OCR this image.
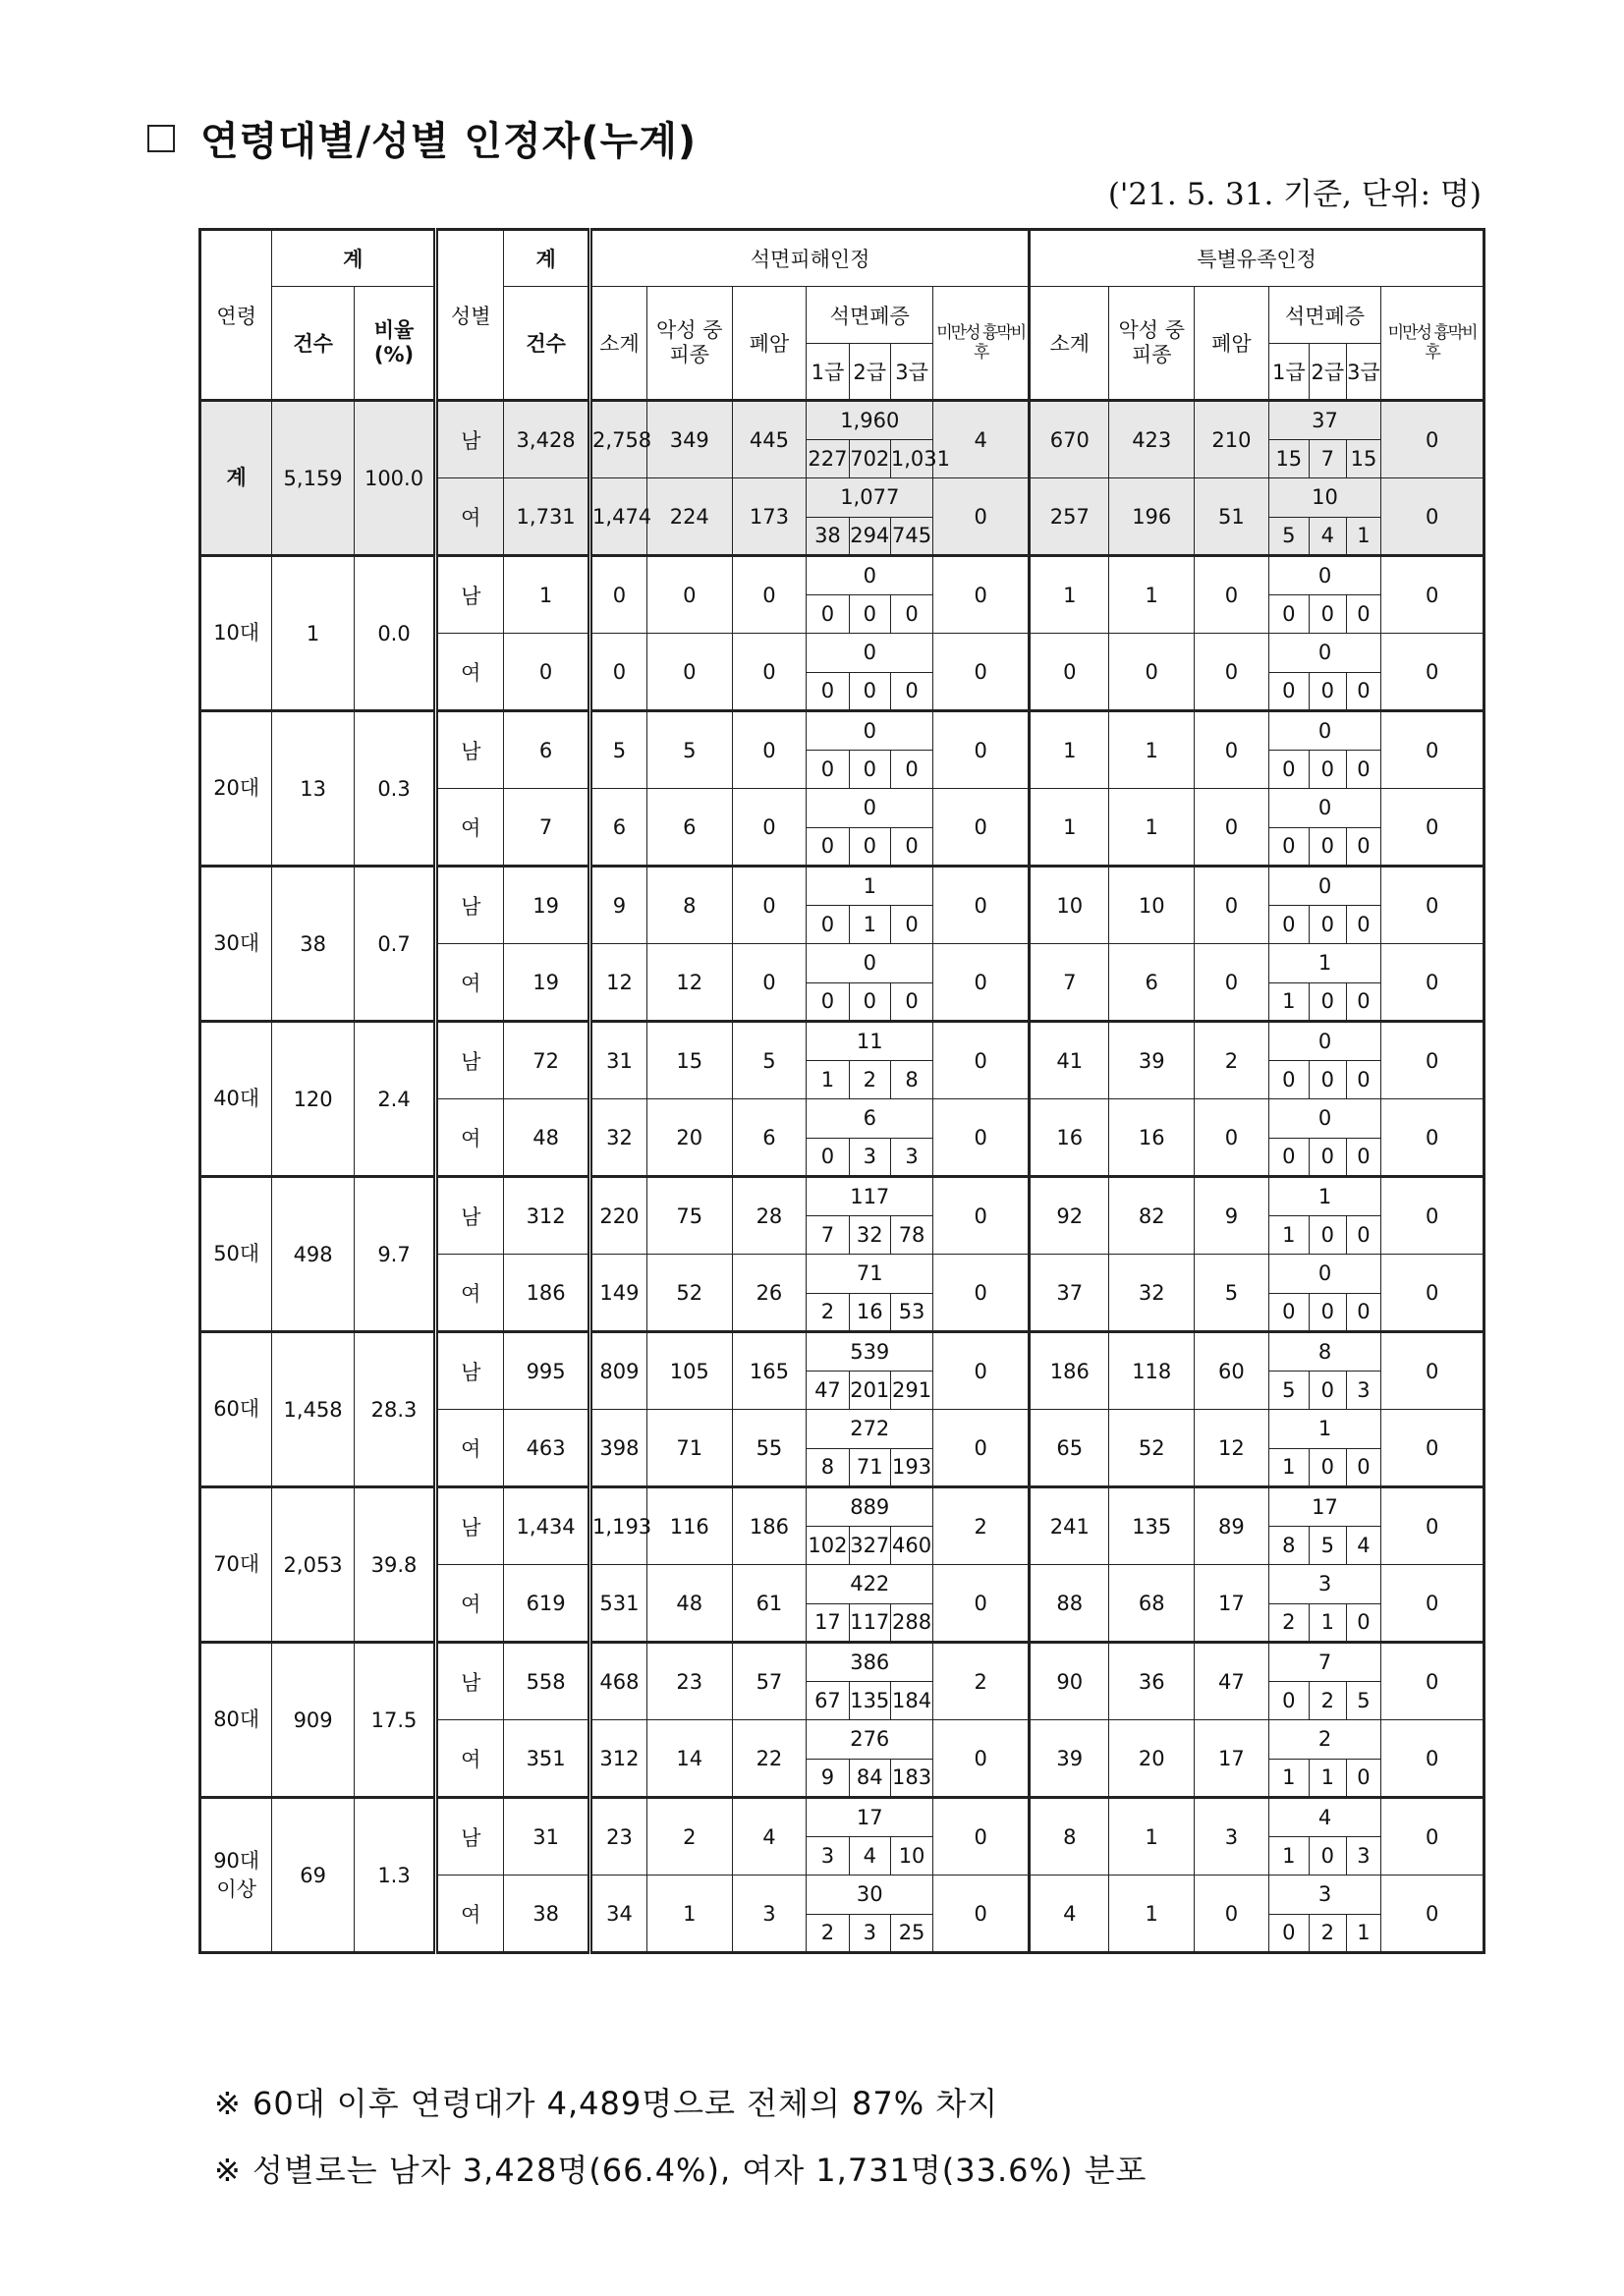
연령대별/성별 인정자(누계)
('21. 5. 31. 기준, 단위: 명)
연령	계		성별	계	석면피해인정							특별유족인정						
	건수	비율 (%)		건수	소계	악성 중피종	폐암	석면폐증			미만성 흉막비후	소계	악성 중피종	폐암	석면폐증			미만성 흉막비후
								1급	2급	3급					1급	2급	3급	
계	5,159	100.0	남	3,428	2,758	349	445	1,960			4	670	423	210	37			0
								227	702	1,031					15	7	15	
			여	1,731	1,474	224	173	1,077			0	257	196	51	10			0
								38	294	745					5	4	1	
10대	1	0.0	남	1	0	0	0	0			0	1	1	0	0			0
								0	0	0					0	0	0	
			여	0	0	0	0	0			0	0	0	0	0			0
								0	0	0					0	0	0	
20대	13	0.3	남	6	5	5	0	0			0	1	1	0	0			0
								0	0	0					0	0	0	
			여	7	6	6	0	0			0	1	1	0	0			0
								0	0	0					0	0	0	
30대	38	0.7	남	19	9	8	0	1			0	10	10	0	0			0
								0	1	0					0	0	0	
			여	19	12	12	0	0			0	7	6	0	1			0
								0	0	0					1	0	0	
40대	120	2.4	남	72	31	15	5	11			0	41	39	2	0			0
								1	2	8					0	0	0	
			여	48	32	20	6	6			0	16	16	0	0			0
								0	3	3					0	0	0	
50대	498	9.7	남	312	220	75	28	117			0	92	82	9	1			0
								7	32	78					1	0	0	
			여	186	149	52	26	71			0	37	32	5	0			0
								2	16	53					0	0	0	
60대	1,458	28.3	남	995	809	105	165	539			0	186	118	60	8			0
								47	201	291					5	0	3	
			여	463	398	71	55	272			0	65	52	12	1			0
								8	71	193					1	0	0	
70대	2,053	39.8	남	1,434	1,193	116	186	889			2	241	135	89	17			0
								102	327	460					8	5	4	
			여	619	531	48	61	422			0	88	68	17	3			0
								17	117	288					2	1	0	
80대	909	17.5	남	558	468	23	57	386			2	90	36	47	7			0
								67	135	184					0	2	5	
			여	351	312	14	22	276			0	39	20	17	2			0
								9	84	183					1	1	0	
90대 이상	69	1.3	남	31	23	2	4	17			0	8	1	3	4			0
								3	4	10					1	0	3	
			여	38	34	1	3	30			0	4	1	0	3			0
								2	3	25					0	2	1	
※ 60대 이후 연령대가 4,489명으로 전체의 87% 차지
※ 성별로는 남자 3,428명(66.4%), 여자 1,731명(33.6%) 분포
